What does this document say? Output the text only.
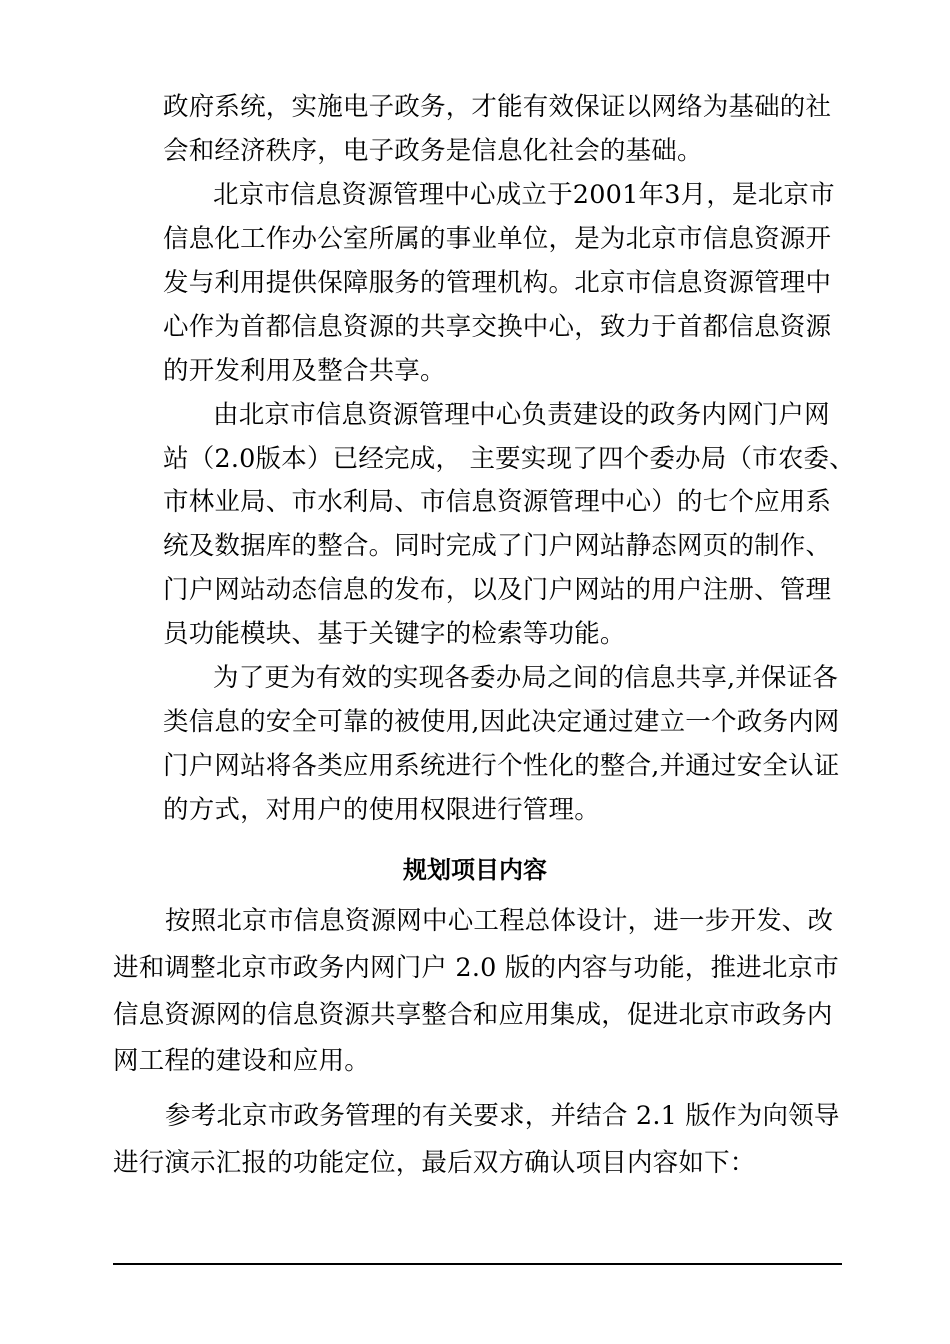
政府系统，实施电子政务，才能有效保证以网络为基础的社
会和经济秩序，电子政务是信息化社会的基础。
北京市信息资源管理中心成立于2001年3月，是北京市
信息化工作办公室所属的事业单位，是为北京市信息资源开
发与利用提供保障服务的管理机构。北京市信息资源管理中
心作为首都信息资源的共享交换中心，致力于首都信息资源
的开发利用及整合共享。
由北京市信息资源管理中心负责建设的政务内网门户网
站（2.0版本）已经完成， 主要实现了四个委办局（市农委、
市林业局、市水利局、市信息资源管理中心）的七个应用系
统及数据库的整合。同时完成了门户网站静态网页的制作、
门户网站动态信息的发布，以及门户网站的用户注册、管理
员功能模块、基于关键字的检索等功能。
为了更为有效的实现各委办局之间的信息共享,并保证各
类信息的安全可靠的被使用,因此决定通过建立一个政务内网
门户网站将各类应用系统进行个性化的整合,并通过安全认证
的方式，对用户的使用权限进行管理。
规划项目内容
按照北京市信息资源网中心工程总体设计，进一步开发、改
进和调整北京市政务内网门户 2.0 版的内容与功能，推进北京市
信息资源网的信息资源共享整合和应用集成，促进北京市政务内
网工程的建设和应用。
参考北京市政务管理的有关要求，并结合 2.1 版作为向领导
进行演示汇报的功能定位，最后双方确认项目内容如下：
